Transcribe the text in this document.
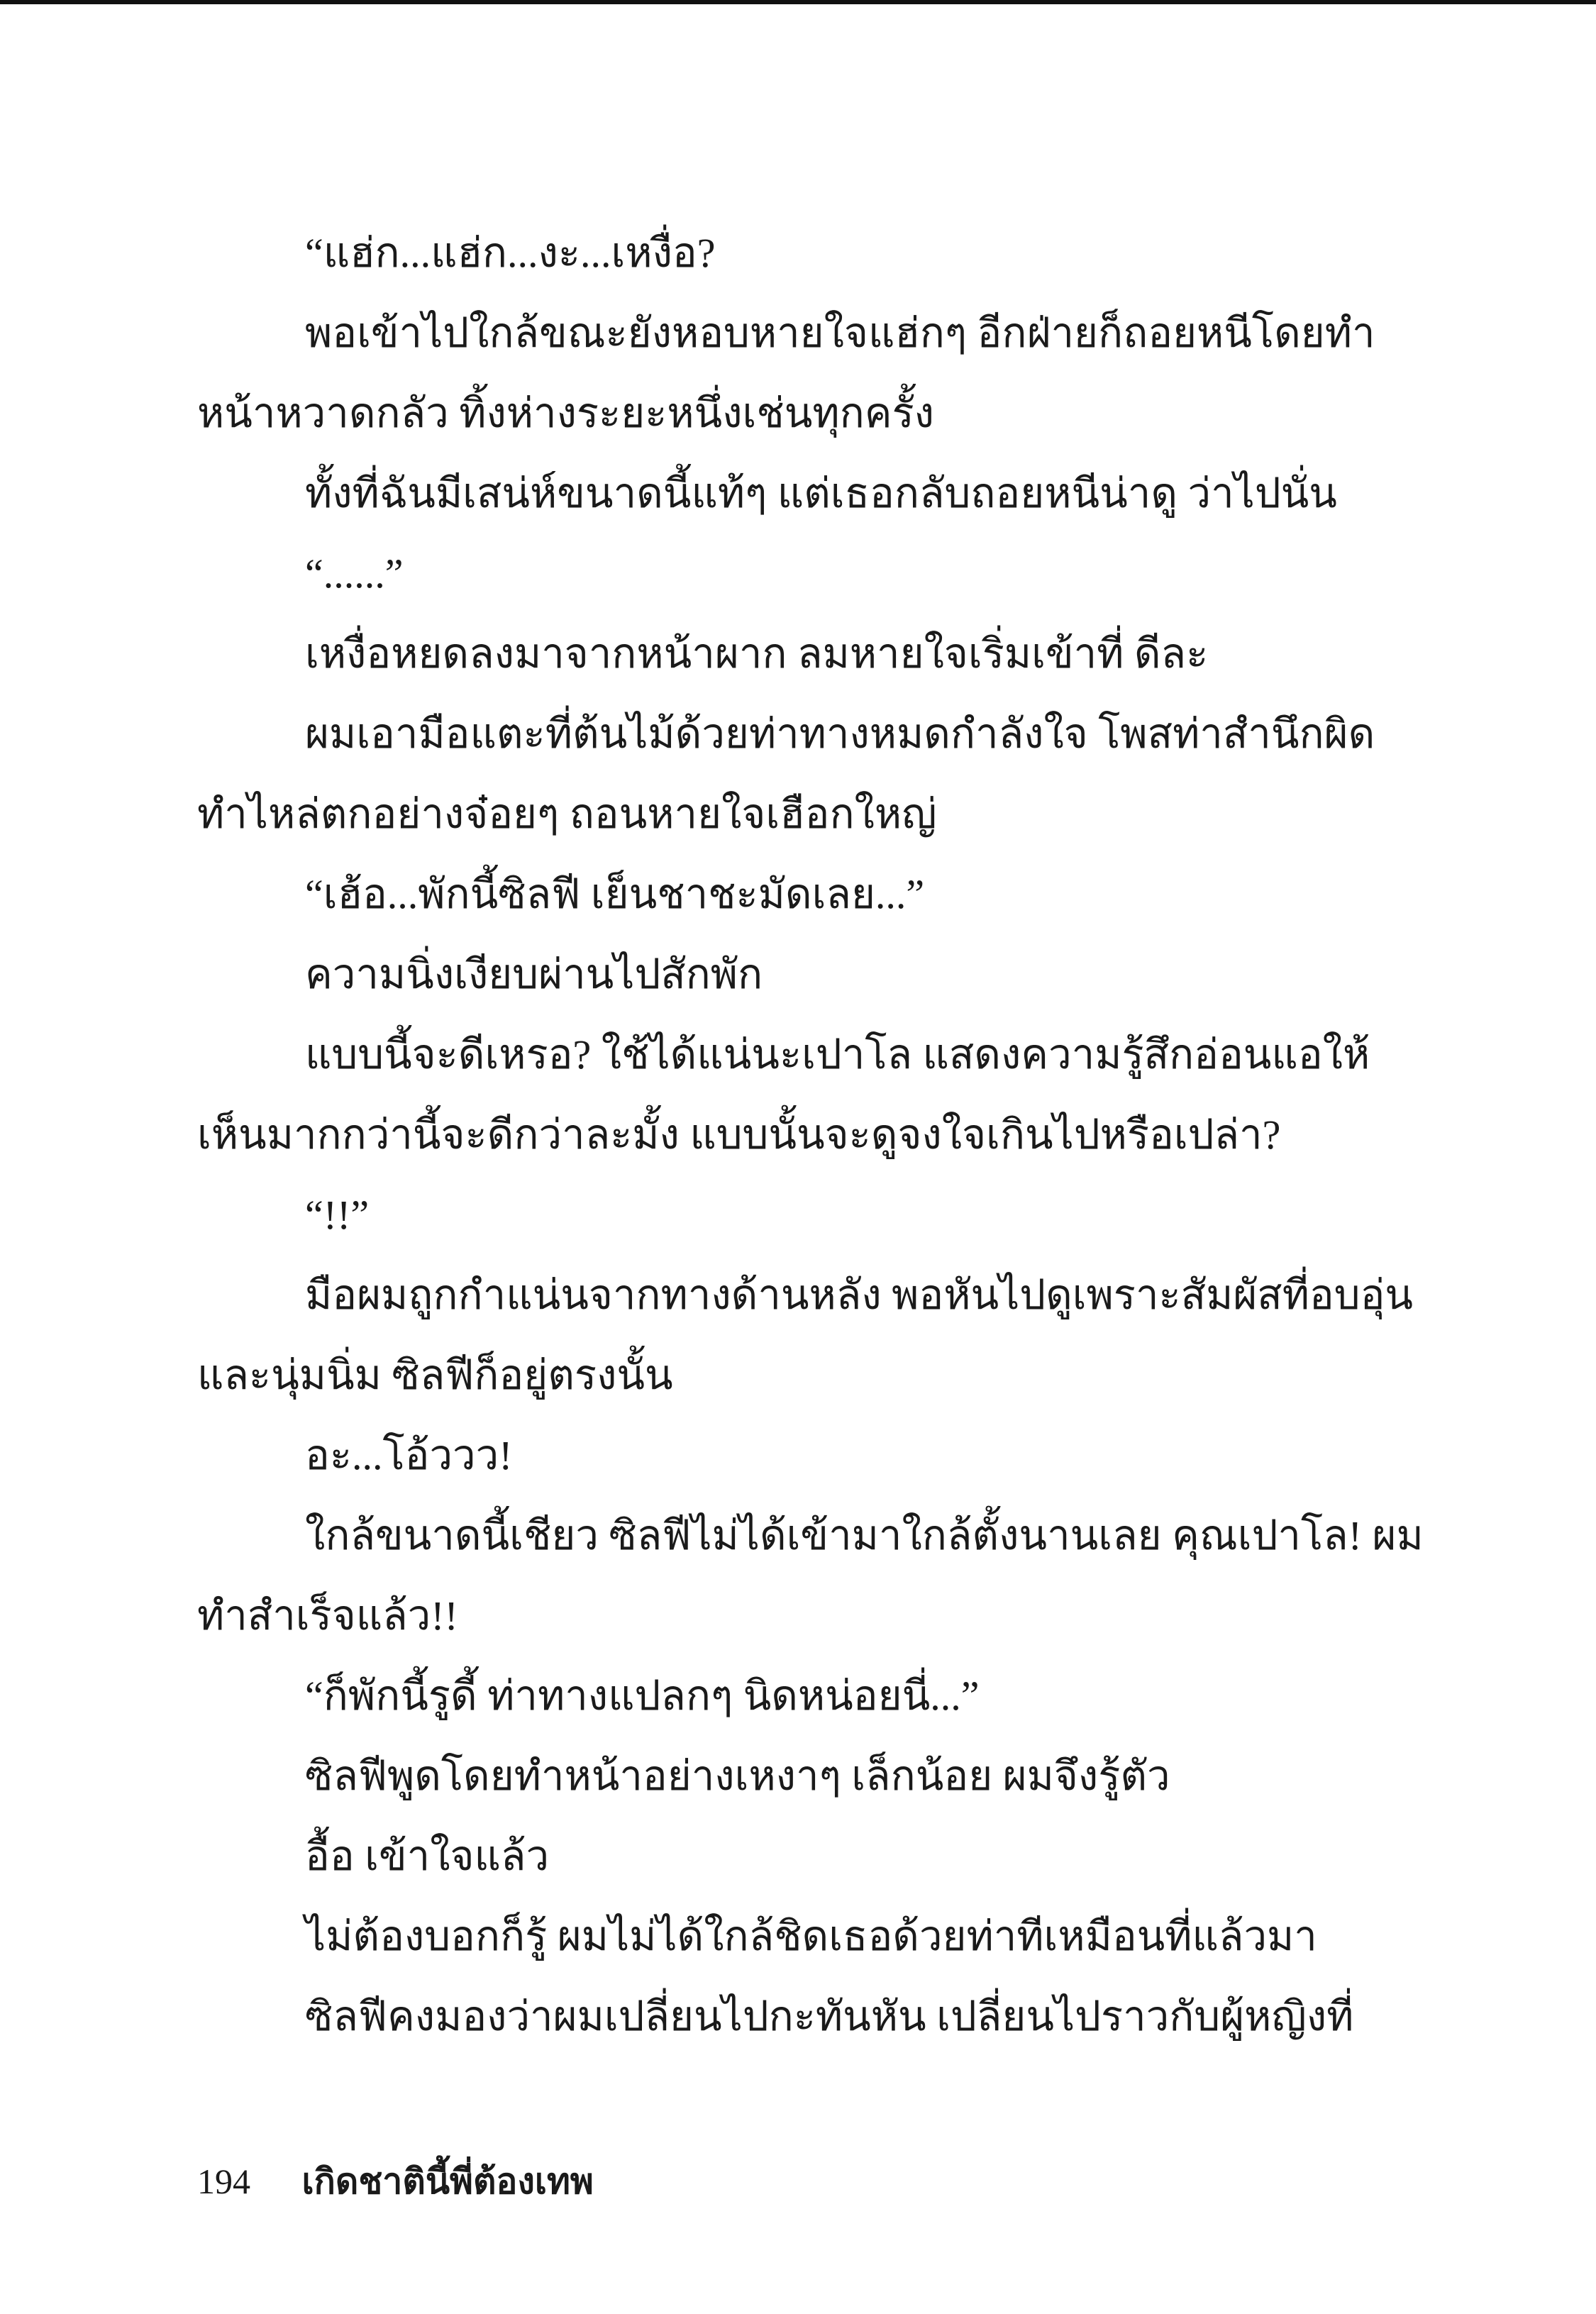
“แฮ่ก...แฮ่ก...งะ...เหงื่อ?
พอเข้าไปใกล้ขณะยังหอบหายใจแฮ่กๆ อีกฝ่ายก็ถอยหนีโดยทำ
หน้าหวาดกลัว ทิ้งห่างระยะหนึ่งเช่นทุกครั้ง
ทั้งที่ฉันมีเสน่ห์ขนาดนี้แท้ๆ แต่เธอกลับถอยหนีน่าดู ว่าไปนั่น
“......”
เหงื่อหยดลงมาจากหน้าผาก ลมหายใจเริ่มเข้าที่ ดีละ
ผมเอามือแตะที่ต้นไม้ด้วยท่าทางหมดกำลังใจ โพสท่าสำนึกผิด
ทำไหล่ตกอย่างจ๋อยๆ ถอนหายใจเฮือกใหญ่
“เฮ้อ...พักนี้ซิลฟี เย็นชาชะมัดเลย...”
ความนิ่งเงียบผ่านไปสักพัก
แบบนี้จะดีเหรอ? ใช้ได้แน่นะเปาโล แสดงความรู้สึกอ่อนแอให้
เห็นมากกว่านี้จะดีกว่าละมั้ง แบบนั้นจะดูจงใจเกินไปหรือเปล่า?
“!!”
มือผมถูกกำแน่นจากทางด้านหลัง พอหันไปดูเพราะสัมผัสที่อบอุ่น
และนุ่มนิ่ม ซิลฟีก็อยู่ตรงนั้น
อะ...โอ้ววว!
ใกล้ขนาดนี้เชียว ซิลฟีไม่ได้เข้ามาใกล้ตั้งนานเลย คุณเปาโล! ผม
ทำสำเร็จแล้ว!!
“ก็พักนี้รูดี้ ท่าทางแปลกๆ นิดหน่อยนี่...”
ซิลฟีพูดโดยทำหน้าอย่างเหงาๆ เล็กน้อย ผมจึงรู้ตัว
อื้อ เข้าใจแล้ว
ไม่ต้องบอกก็รู้ ผมไม่ได้ใกล้ชิดเธอด้วยท่าทีเหมือนที่แล้วมา
ซิลฟีคงมองว่าผมเปลี่ยนไปกะทันหัน เปลี่ยนไปราวกับผู้หญิงที่
194 เกิดชาตินี้พี่ต้องเทพ
